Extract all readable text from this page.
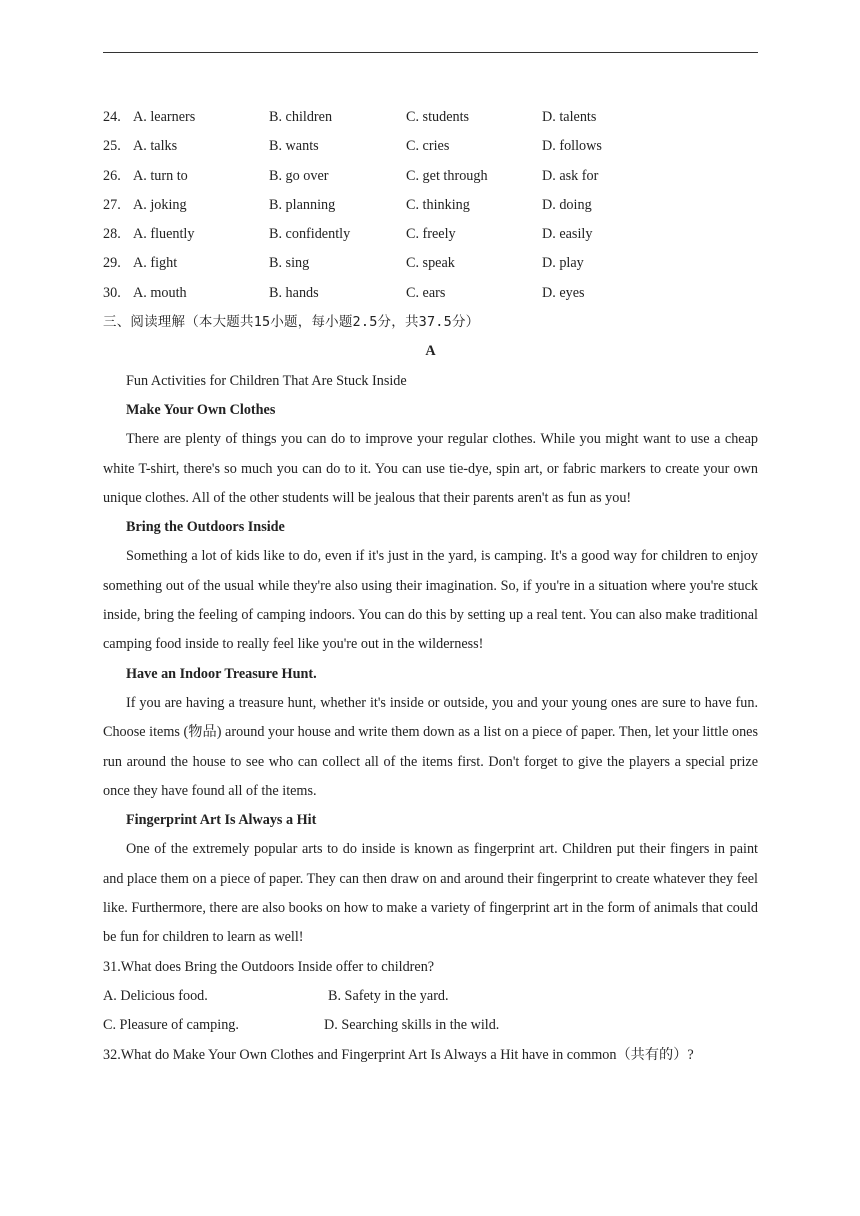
24. A. learners	B. children	C. students	D. talents
25. A. talks	B. wants	C. cries	D. follows
26. A. turn to	B. go over	C. get through	D. ask for
27. A. joking	B. planning	C. thinking	D. doing
28. A. fluently	B. confidently	C. freely	D. easily
29. A. fight	B. sing	C. speak	D. play
30. A. mouth	B. hands	C. ears	D. eyes
三、阅读理解（本大题共15小题，每小题2.5分，共37.5分）
A
Fun Activities for Children That Are Stuck Inside
Make Your Own Clothes
There are plenty of things you can do to improve your regular clothes. While you might want to use a cheap white T-shirt, there's so much you can do to it. You can use tie-dye, spin art, or fabric markers to create your own unique clothes. All of the other students will be jealous that their parents aren't as fun as you!
Bring the Outdoors Inside
Something a lot of kids like to do, even if it's just in the yard, is camping. It's a good way for children to enjoy something out of the usual while they're also using their imagination. So, if you're in a situation where you're stuck inside, bring the feeling of camping indoors. You can do this by setting up a real tent. You can also make traditional camping food inside to really feel like you're out in the wilderness!
Have an Indoor Treasure Hunt.
If you are having a treasure hunt, whether it's inside or outside, you and your young ones are sure to have fun. Choose items (物品) around your house and write them down as a list on a piece of paper. Then, let your little ones run around the house to see who can collect all of the items first. Don't forget to give the players a special prize once they have found all of the items.
Fingerprint Art Is Always a Hit
One of the extremely popular arts to do inside is known as fingerprint art. Children put their fingers in paint and place them on a piece of paper. They can then draw on and around their fingerprint to create whatever they feel like. Furthermore, there are also books on how to make a variety of fingerprint art in the form of animals that could be fun for children to learn as well!
31.What does Bring the Outdoors Inside offer to children?
A. Delicious food.	B. Safety in the yard.
C. Pleasure of camping.	D. Searching skills in the wild.
32.What do Make Your Own Clothes and Fingerprint Art Is Always a Hit have in common（共有的）?
